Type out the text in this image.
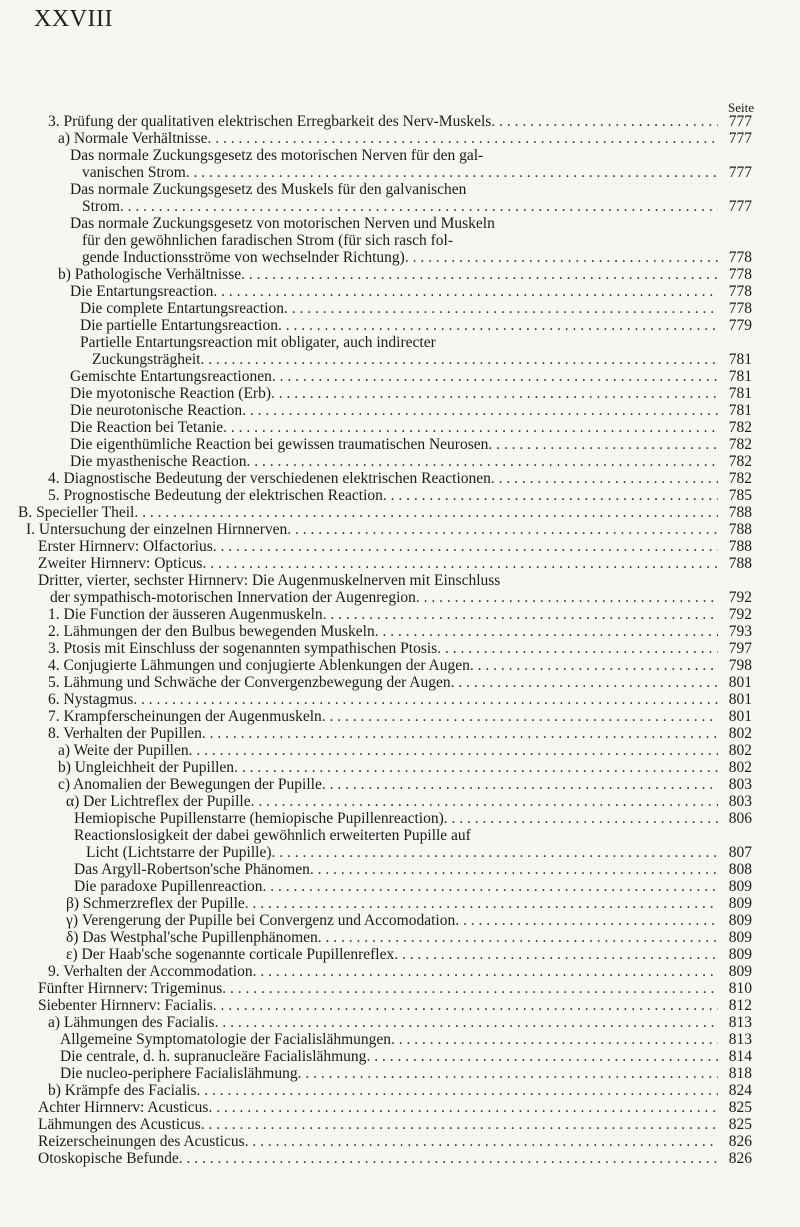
XXVIII
Seite
3. Prüfung der qualitativen elektrischen Erregbarkeit des Nerv-Muskels . . .	777
a) Normale Verhältnisse . . .	777
Das normale Zuckungsgesetz des motorischen Nerven für den gal-
vanischen Strom . . .	777
Das normale Zuckungsgesetz des Muskels für den galvanischen
Strom . . .	777
Das normale Zuckungsgesetz von motorischen Nerven und Muskeln
für den gewöhnlichen faradischen Strom (für sich rasch fol-
gende Inductionsströme von wechselnder Richtung) . . .	778
b) Pathologische Verhältnisse . . .	778
Die Entartungsreaction . . .	778
Die complete Entartungsreaction . . .	778
Die partielle Entartungsreaction . . .	779
Partielle Entartungsreaction mit obligater, auch indirecter
Zuckungsträgheit . . .	781
Gemischte Entartungsreactionen . . .	781
Die myotonische Reaction (Erb) . . .	781
Die neurotonische Reaction . . .	781
Die Reaction bei Tetanie . . .	782
Die eigenthümliche Reaction bei gewissen traumatischen Neurosen . . .	782
Die myasthenische Reaction . . .	782
4. Diagnostische Bedeutung der verschiedenen elektrischen Reactionen . . .	782
5. Prognostische Bedeutung der elektrischen Reaction . . .	785
B. Specieller Theil . . .	788
I. Untersuchung der einzelnen Hirnnerven . . .	788
Erster Hirnnerv: Olfactorius . . .	788
Zweiter Hirnnerv: Opticus . . .	788
Dritter, vierter, sechster Hirnnerv: Die Augenmuskelnerven mit Einschluss
der sympathisch-motorischen Innervation der Augenregion . . .	792
1. Die Function der äusseren Augenmuskeln . . .	792
2. Lähmungen der den Bulbus bewegenden Muskeln . . .	793
3. Ptosis mit Einschluss der sogenannten sympathischen Ptosis . . .	797
4. Conjugierte Lähmungen und conjugierte Ablenkungen der Augen . . .	798
5. Lähmung und Schwäche der Convergenzbewegung der Augen . . .	801
6. Nystagmus . . .	801
7. Krampferscheinungen der Augenmuskeln . . .	801
8. Verhalten der Pupillen . . .	802
a) Weite der Pupillen . . .	802
b) Ungleichheit der Pupillen . . .	802
c) Anomalien der Bewegungen der Pupille . . .	803
α) Der Lichtreflex der Pupille . . .	803
Hemiopische Pupillenstarre (hemiopische Pupillenreaction) . . .	806
Reactionslosigkeit der dabei gewöhnlich erweiterten Pupille auf
Licht (Lichtstarre der Pupille) . . .	807
Das Argyll-Robertson'sche Phänomen . . .	808
Die paradoxe Pupillenreaction . . .	809
β) Schmerzreflex der Pupille . . .	809
γ) Verengerung der Pupille bei Convergenz und Accomodation . . .	809
δ) Das Westphal'sche Pupillenphänomen . . .	809
ε) Der Haab'sche sogenannte corticale Pupillenreflex . . .	809
9. Verhalten der Accommodation . . .	809
Fünfter Hirnnerv: Trigeminus . . .	810
Siebenter Hirnnerv: Facialis . . .	812
a) Lähmungen des Facialis . . .	813
Allgemeine Symptomatologie der Facialislähmungen . . .	813
Die centrale, d. h. supranucleäre Facialislähmung . . .	814
Die nucleo-periphere Facialislähmung . . .	818
b) Krämpfe des Facialis . . .	824
Achter Hirnnerv: Acusticus . . .	825
Lähmungen des Acusticus . . .	825
Reizerscheinungen des Acusticus . . .	826
Otoskopische Befunde . . .	826
